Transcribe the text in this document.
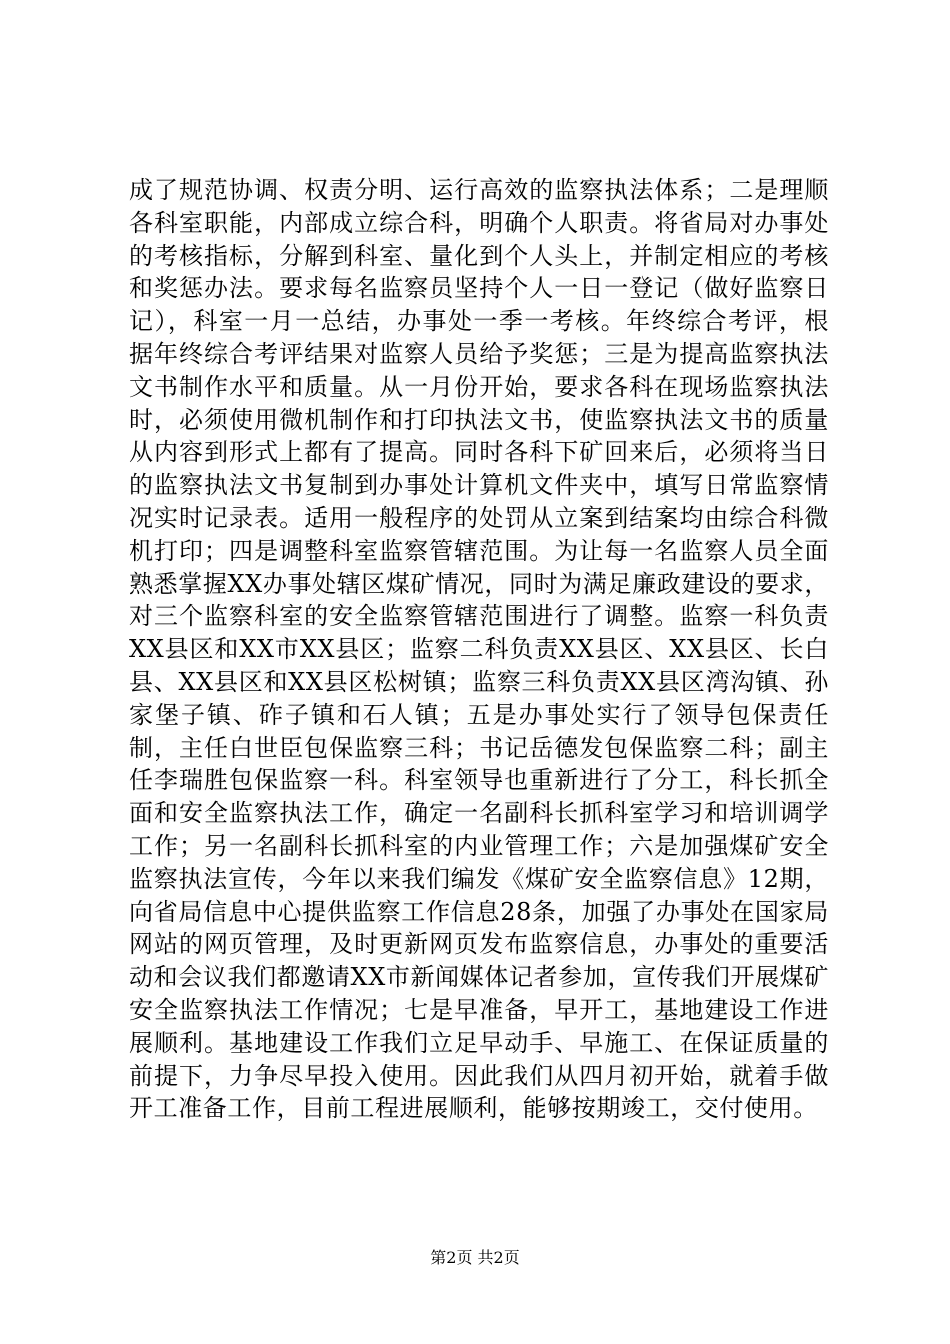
成了规范协调、权责分明、运行高效的监察执法体系；二是理顺各科室职能，内部成立综合科，明确个人职责。将省局对办事处的考核指标，分解到科室、量化到个人头上，并制定相应的考核和奖惩办法。要求每名监察员坚持个人一日一登记（做好监察日记），科室一月一总结，办事处一季一考核。年终综合考评，根据年终综合考评结果对监察人员给予奖惩；三是为提高监察执法文书制作水平和质量。从一月份开始，要求各科在现场监察执法时，必须使用微机制作和打印执法文书，使监察执法文书的质量从内容到形式上都有了提高。同时各科下矿回来后，必须将当日的监察执法文书复制到办事处计算机文件夹中，填写日常监察情况实时记录表。适用一般程序的处罚从立案到结案均由综合科微机打印；四是调整科室监察管辖范围。为让每一名监察人员全面熟悉掌握XX办事处辖区煤矿情况，同时为满足廉政建设的要求，对三个监察科室的安全监察管辖范围进行了调整。监察一科负责XX县区和XX市XX县区；监察二科负责XX县区、XX县区、长白县、XX县区和XX县区松树镇；监察三科负责XX县区湾沟镇、孙家堡子镇、砟子镇和石人镇；五是办事处实行了领导包保责任制，主任白世臣包保监察三科；书记岳德发包保监察二科；副主任李瑞胜包保监察一科。科室领导也重新进行了分工，科长抓全面和安全监察执法工作，确定一名副科长抓科室学习和培训调学工作；另一名副科长抓科室的内业管理工作；六是加强煤矿安全监察执法宣传，今年以来我们编发《煤矿安全监察信息》12期，向省局信息中心提供监察工作信息28条，加强了办事处在国家局网站的网页管理，及时更新网页发布监察信息，办事处的重要活动和会议我们都邀请XX市新闻媒体记者参加，宣传我们开展煤矿安全监察执法工作情况；七是早准备，早开工，基地建设工作进展顺利。基地建设工作我们立足早动手、早施工、在保证质量的前提下，力争尽早投入使用。因此我们从四月初开始，就着手做开工准备工作，目前工程进展顺利，能够按期竣工，交付使用。

第2页 共2页
